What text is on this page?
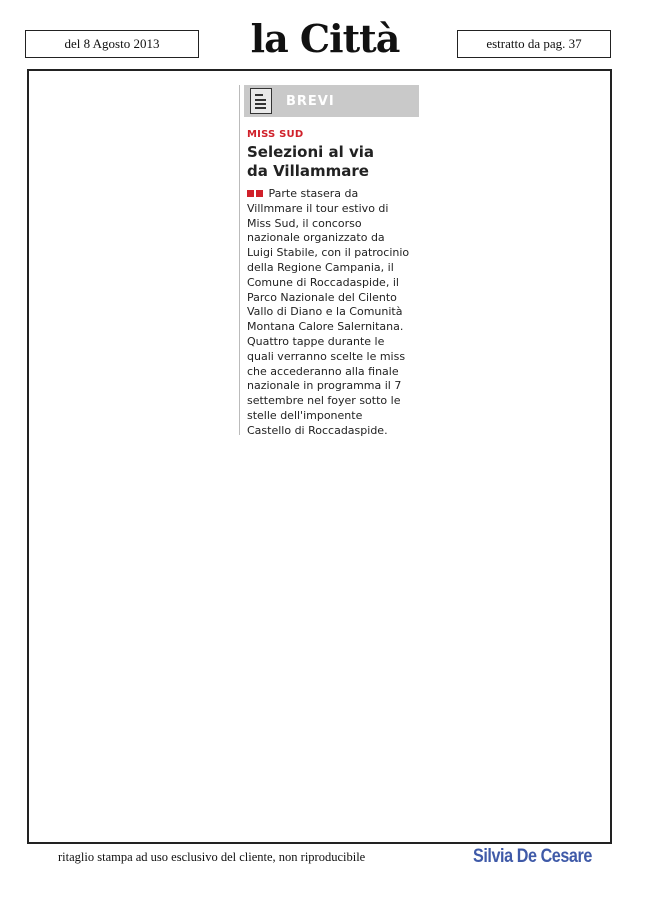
del 8 Agosto 2013	la Città	estratto da pag. 37
BREVI
MISS SUD
Selezioni al via
da Villammare
Parte stasera da
Villmmare il tour estivo di
Miss Sud, il concorso
nazionale organizzato da
Luigi Stabile, con il patrocinio
della Regione Campania, il
Comune di Roccadaspide, il
Parco Nazionale del Cilento
Vallo di Diano e la Comunità
Montana Calore Salernitana.
Quattro tappe durante le
quali verranno scelte le miss
che accederanno alla finale
nazionale in programma il 7
settembre nel foyer sotto le
stelle dell'imponente
Castello di Roccadaspide.
ritaglio stampa ad uso esclusivo del cliente, non riproducibile	Silvia De Cesare
